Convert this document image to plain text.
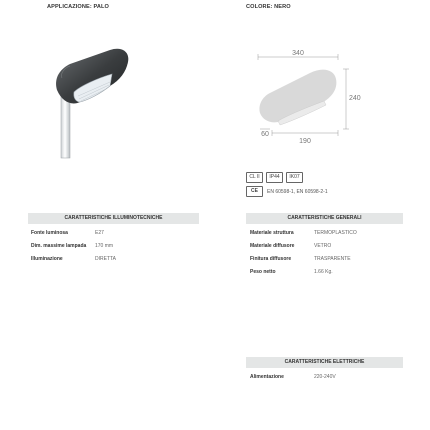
APPLICAZIONE: PALO	COLORE: NERO
340
240
60
190
CL II	IP44	IK07
CE	EN 60598-1, EN 60598-2-1
CARATTERISTICHE ILLUMINOTECNICHE
Fonte luminosa	E27
Dim. massime lampada 170 mm
Illuminazione	DIRETTA
CARATTERISTICHE GENERALI
Materiale struttura	TERMOPLASTICO
Materiale diffusore	VETRO
Finitura diffusore	TRASPARENTE
Peso netto	1.66 Kg.
CARATTERISTICHE ELETTRICHE
Alimentazione	220-240V
